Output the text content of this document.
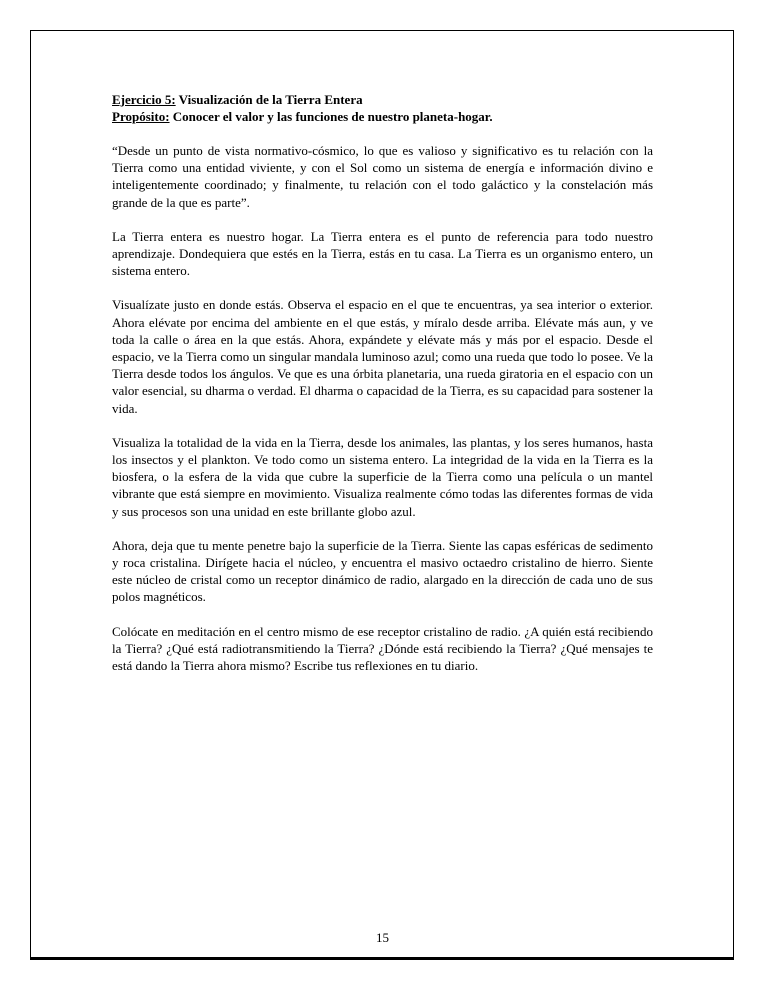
Ejercicio 5: Visualización de la Tierra Entera

Propósito: Conocer el valor y las funciones de nuestro planeta-hogar.

“Desde un punto de vista normativo-cósmico, lo que es valioso y significativo es tu relación con la Tierra como una entidad viviente, y con el Sol como un sistema de energía e información divino e inteligentemente coordinado; y finalmente, tu relación con el todo galáctico y la constelación más grande de la que es parte”.

La Tierra entera es nuestro hogar. La Tierra entera es el punto de referencia para todo nuestro aprendizaje. Dondequiera que estés en la Tierra, estás en tu casa. La Tierra es un organismo entero, un sistema entero.

Visualízate justo en donde estás. Observa el espacio en el que te encuentras, ya sea interior o exterior. Ahora elévate por encima del ambiente en el que estás, y míralo desde arriba. Elévate más aun, y ve toda la calle o área en la que estás. Ahora, expándete y elévate más y más por el espacio. Desde el espacio, ve la Tierra como un singular mandala luminoso azul; como una rueda que todo lo posee. Ve la Tierra desde todos los ángulos. Ve que es una órbita planetaria, una rueda giratoria en el espacio con un valor esencial, su dharma o verdad. El dharma o capacidad de la Tierra, es su capacidad para sostener la vida.

Visualiza la totalidad de la vida en la Tierra, desde los animales, las plantas, y los seres humanos, hasta los insectos y el plankton. Ve todo como un sistema entero. La integridad de la vida en la Tierra es la biosfera, o la esfera de la vida que cubre la superficie de la Tierra como una película o un mantel vibrante que está siempre en movimiento. Visualiza realmente cómo todas las diferentes formas de vida y sus procesos son una unidad en este brillante globo azul.

Ahora, deja que tu mente penetre bajo la superficie de la Tierra. Siente las capas esféricas de sedimento y roca cristalina. Dirígete hacia el núcleo, y encuentra el masivo octaedro cristalino de hierro. Siente este núcleo de cristal como un receptor dinámico de radio, alargado en la dirección de cada uno de sus polos magnéticos.

Colócate en meditación en el centro mismo de ese receptor cristalino de radio. ¿A quién está recibiendo la Tierra? ¿Qué está radiotransmitiendo la Tierra? ¿Dónde está recibiendo la Tierra? ¿Qué mensajes te está dando la Tierra ahora mismo? Escribe tus reflexiones en tu diario.

15
